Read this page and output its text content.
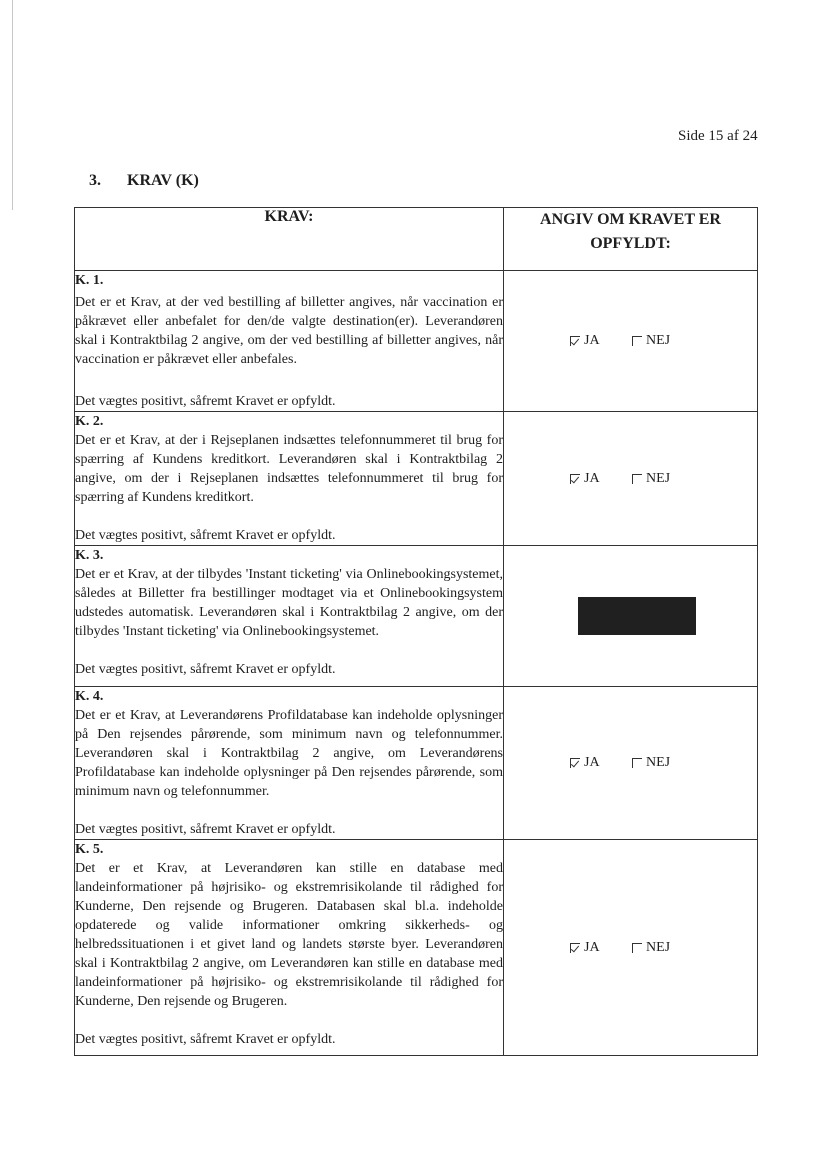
Side 15 af 24
3. KRAV (K)
KRAV:	ANGIV OM KRAVET ER
OPFYLDT:

K. 1.
Det er et Krav, at der ved bestilling af billetter angives, når vaccination er påkrævet eller anbefalet for den/de valgte destination(er). Leverandøren skal i Kontraktbilag 2 angive, om der ved bestilling af billetter angives, når vaccination er påkrævet eller anbefales.
Det vægtes positivt, såfremt Kravet er opfyldt.	JA NEJ

K. 2.
Det er et Krav, at der i Rejseplanen indsættes telefonnummeret til brug for spærring af Kundens kreditkort. Leverandøren skal i Kontraktbilag 2 angive, om der i Rejseplanen indsættes telefonnummeret til brug for spærring af Kundens kreditkort.
Det vægtes positivt, såfremt Kravet er opfyldt.	JA NEJ

K. 3.
Det er et Krav, at der tilbydes 'Instant ticketing' via Onlinebookingsystemet, således at Billetter fra bestillinger modtaget via et Onlinebookingsystem udstedes automatisk. Leverandøren skal i Kontraktbilag 2 angive, om der tilbydes 'Instant ticketing' via Onlinebookingsystemet.
Det vægtes positivt, såfremt Kravet er opfyldt.	

K. 4.
Det er et Krav, at Leverandørens Profildatabase kan indeholde oplysninger på Den rejsendes pårørende, som minimum navn og telefonnummer. Leverandøren skal i Kontraktbilag 2 angive, om Leverandørens Profildatabase kan indeholde oplysninger på Den rejsendes pårørende, som minimum navn og telefonnummer.
Det vægtes positivt, såfremt Kravet er opfyldt.	JA NEJ

K. 5.
Det er et Krav, at Leverandøren kan stille en database med landeinformationer på højrisiko- og ekstremrisikolande til rådighed for Kunderne, Den rejsende og Brugeren. Databasen skal bl.a. indeholde opdaterede og valide informationer omkring sikkerheds- og helbredssituationen i et givet land og landets største byer. Leverandøren skal i Kontraktbilag 2 angive, om Leverandøren kan stille en database med landeinformationer på højrisiko- og ekstremrisikolande til rådighed for Kunderne, Den rejsende og Brugeren.
Det vægtes positivt, såfremt Kravet er opfyldt.	JA NEJ
